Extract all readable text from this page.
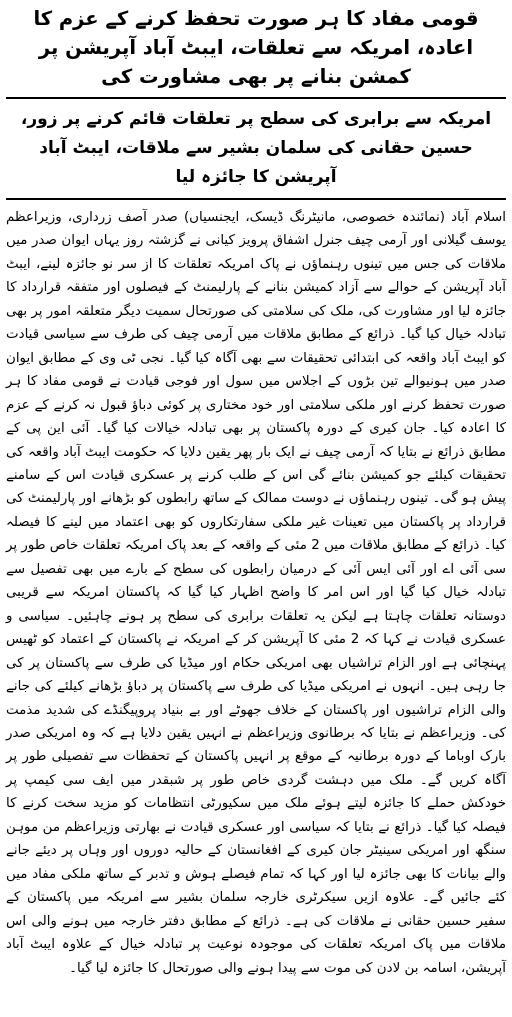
قومی مفاد کا ہر صورت تحفظ کرنے کے عزم کا اعادہ، امریکہ سے تعلقات، ایبٹ آباد آپریشن پر کمشن بنانے پر بھی مشاورت کی
امریکہ سے برابری کی سطح پر تعلقات قائم کرنے پر زور، حسین حقانی کی سلمان بشیر سے ملاقات، ایبٹ آباد آپریشن کا جائزہ لیا

اسلام آباد (نمائندہ خصوصی، مانیٹرنگ ڈیسک، ایجنسیاں) صدر آصف زرداری، وزیراعظم یوسف گیلانی اور آرمی چیف جنرل اشفاق پرویز کیانی نے گزشتہ روز یہاں ایوان صدر میں ملاقات کی جس میں تینوں رہنماؤں نے پاک امریکہ تعلقات کا از سر نو جائزہ لینے، ایبٹ آباد آپریشن کے حوالے سے آزاد کمیشن بنانے کے پارلیمنٹ کے فیصلوں اور متفقہ قرارداد کا جائزہ لیا اور مشاورت کی، ملک کی سلامتی کی صورتحال سمیت دیگر متعلقہ امور پر بھی تبادلہ خیال کیا گیا۔ ذرائع کے مطابق ملاقات میں آرمی چیف کی طرف سے سیاسی قیادت کو ایبٹ آباد واقعہ کی ابتدائی تحقیقات سے بھی آگاہ کیا گیا۔ نجی ٹی وی کے مطابق ایوان صدر میں ہونیوالے تین بڑوں کے اجلاس میں سول اور فوجی قیادت نے قومی مفاد کا ہر صورت تحفظ کرنے اور ملکی سلامتی اور خود مختاری پر کوئی دباؤ قبول نہ کرنے کے عزم کا اعادہ کیا۔ جان کیری کے دورہ پاکستان پر بھی تبادلہ خیالات کیا گیا۔ آئی این پی کے مطابق ذرائع نے بتایا کہ آرمی چیف نے ایک بار پھر یقین دلایا کہ حکومت ایبٹ آباد واقعہ کی تحقیقات کیلئے جو کمیشن بنائے گی اس کے طلب کرنے پر عسکری قیادت اس کے سامنے پیش ہو گی۔ تینوں رہنماؤں نے دوست ممالک کے ساتھ رابطوں کو بڑھانے اور پارلیمنٹ کی قرارداد پر پاکستان میں تعینات غیر ملکی سفارتکاروں کو بھی اعتماد میں لینے کا فیصلہ کیا۔ ذرائع کے مطابق ملاقات میں 2 مئی کے واقعہ کے بعد پاک امریکہ تعلقات خاص طور پر سی آئی اے اور آئی ایس آئی کے درمیان رابطوں کی سطح کے بارے میں بھی تفصیل سے تبادلہ خیال کیا گیا اور اس امر کا واضح اظہار کیا گیا کہ پاکستان امریکہ سے قریبی دوستانہ تعلقات چاہتا ہے لیکن یہ تعلقات برابری کی سطح پر ہونے چاہئیں۔ سیاسی و عسکری قیادت نے کہا کہ 2 مئی کا آپریشن کر کے امریکہ نے پاکستان کے اعتماد کو ٹھیس پہنچائی ہے اور الزام تراشیاں بھی امریکی حکام اور میڈیا کی طرف سے پاکستان پر کی جا رہی ہیں۔ انہوں نے امریکی میڈیا کی طرف سے پاکستان پر دباؤ بڑھانے کیلئے کی جانے والی الزام تراشیوں اور پاکستان کے خلاف جھوٹے اور بے بنیاد پروپیگنڈے کی شدید مذمت کی۔ وزیراعظم نے بتایا کہ برطانوی وزیراعظم نے انہیں یقین دلایا ہے کہ وہ امریکی صدر بارک اوباما کے دورہ برطانیہ کے موقع پر انہیں پاکستان کے تحفظات سے تفصیلی طور پر آگاہ کریں گے۔ ملک میں دہشت گردی خاص طور پر شبقدر میں ایف سی کیمپ پر خودکش حملے کا جائزہ لیتے ہوئے ملک میں سکیورٹی انتظامات کو مزید سخت کرنے کا فیصلہ کیا گیا۔ ذرائع نے بتایا کہ سیاسی اور عسکری قیادت نے بھارتی وزیراعظم من موہن سنگھ اور امریکی سینیٹر جان کیری کے افغانستان کے حالیہ دوروں اور وہاں پر دیئے جانے والے بیانات کا بھی جائزہ لیا اور کہا کہ تمام فیصلے ہوش و تدبر کے ساتھ ملکی مفاد میں کئے جائیں گے۔ علاوہ ازیں سیکرٹری خارجہ سلمان بشیر سے امریکہ میں پاکستان کے سفیر حسین حقانی نے ملاقات کی ہے۔ ذرائع کے مطابق دفتر خارجہ میں ہونے والی اس ملاقات میں پاک امریکہ تعلقات کی موجودہ نوعیت پر تبادلہ خیال کے علاوہ ایبٹ آباد آپریشن، اسامہ بن لادن کی موت سے پیدا ہونے والی صورتحال کا جائزہ لیا گیا۔
